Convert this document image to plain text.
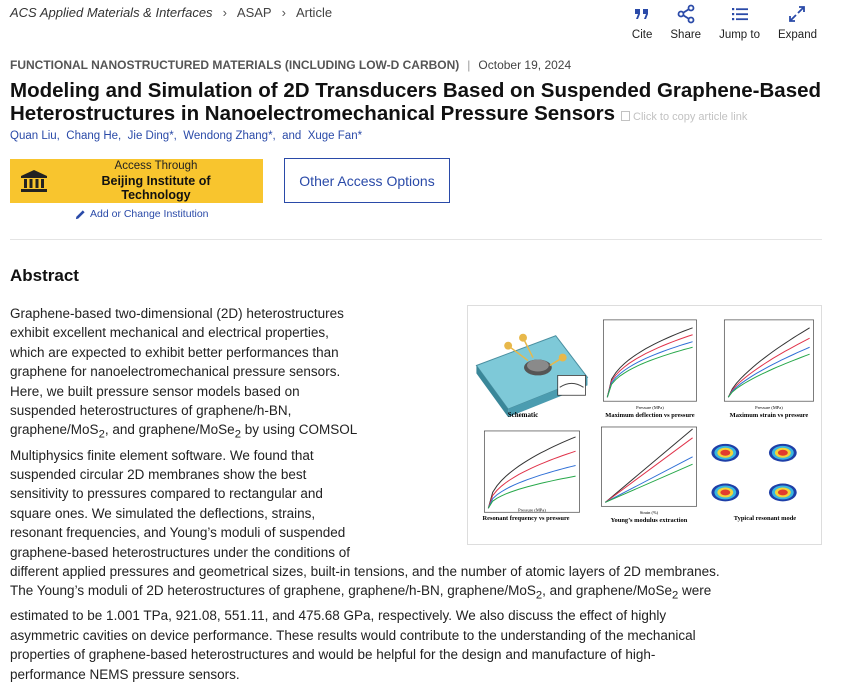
ACS Applied Materials & Interfaces › ASAP › Article
Cite Share Jump to Expand
FUNCTIONAL NANOSTRUCTURED MATERIALS (INCLUDING LOW-D CARBON) | October 19, 2024
Modeling and Simulation of 2D Transducers Based on Suspended Graphene-Based Heterostructures in Nanoelectromechanical Pressure Sensors Click to copy article link
Quan Liu, Chang He, Jie Ding*, Wendong Zhang*, and Xuge Fan*
Access Through
Beijing Institute of Technology
Add or Change Institution
Other Access Options
Abstract
Schematic
Pressure (MPa)
Maximum deflection vs pressure
Pressure (MPa)
Maximum strain vs pressure
Pressure (MPa)
Resonant frequency vs pressure
Strain (%)
Young’s modulus extraction	Typical resonant mode

Graphene-based two-dimensional (2D) heterostructures exhibit excellent mechanical and electrical properties, which are expected to exhibit better performances than graphene for nanoelectromechanical pressure sensors. Here, we built pressure sensor models based on suspended heterostructures of graphene/h-BN, graphene/MoS$_2$, and graphene/MoSe$_2$ by using COMSOL Multiphysics finite element software. We found that suspended circular 2D membranes show the best sensitivity to pressures compared to rectangular and square ones. We simulated the deflections, strains, resonant frequencies, and Young’s moduli of suspended graphene-based heterostructures under the conditions of different applied pressures and geometrical sizes, built-in tensions, and the number of atomic layers of 2D membranes. The Young’s moduli of 2D heterostructures of graphene, graphene/h-BN, graphene/MoS$_2$, and graphene/MoSe$_2$ were estimated to be 1.001 TPa, 921.08, 551.11, and 475.68 GPa, respectively. We also discuss the effect of highly asymmetric cavities on device performance. These results would contribute to the understanding of the mechanical properties of graphene-based heterostructures and would be helpful for the design and manufacture of high-performance NEMS pressure sensors.
